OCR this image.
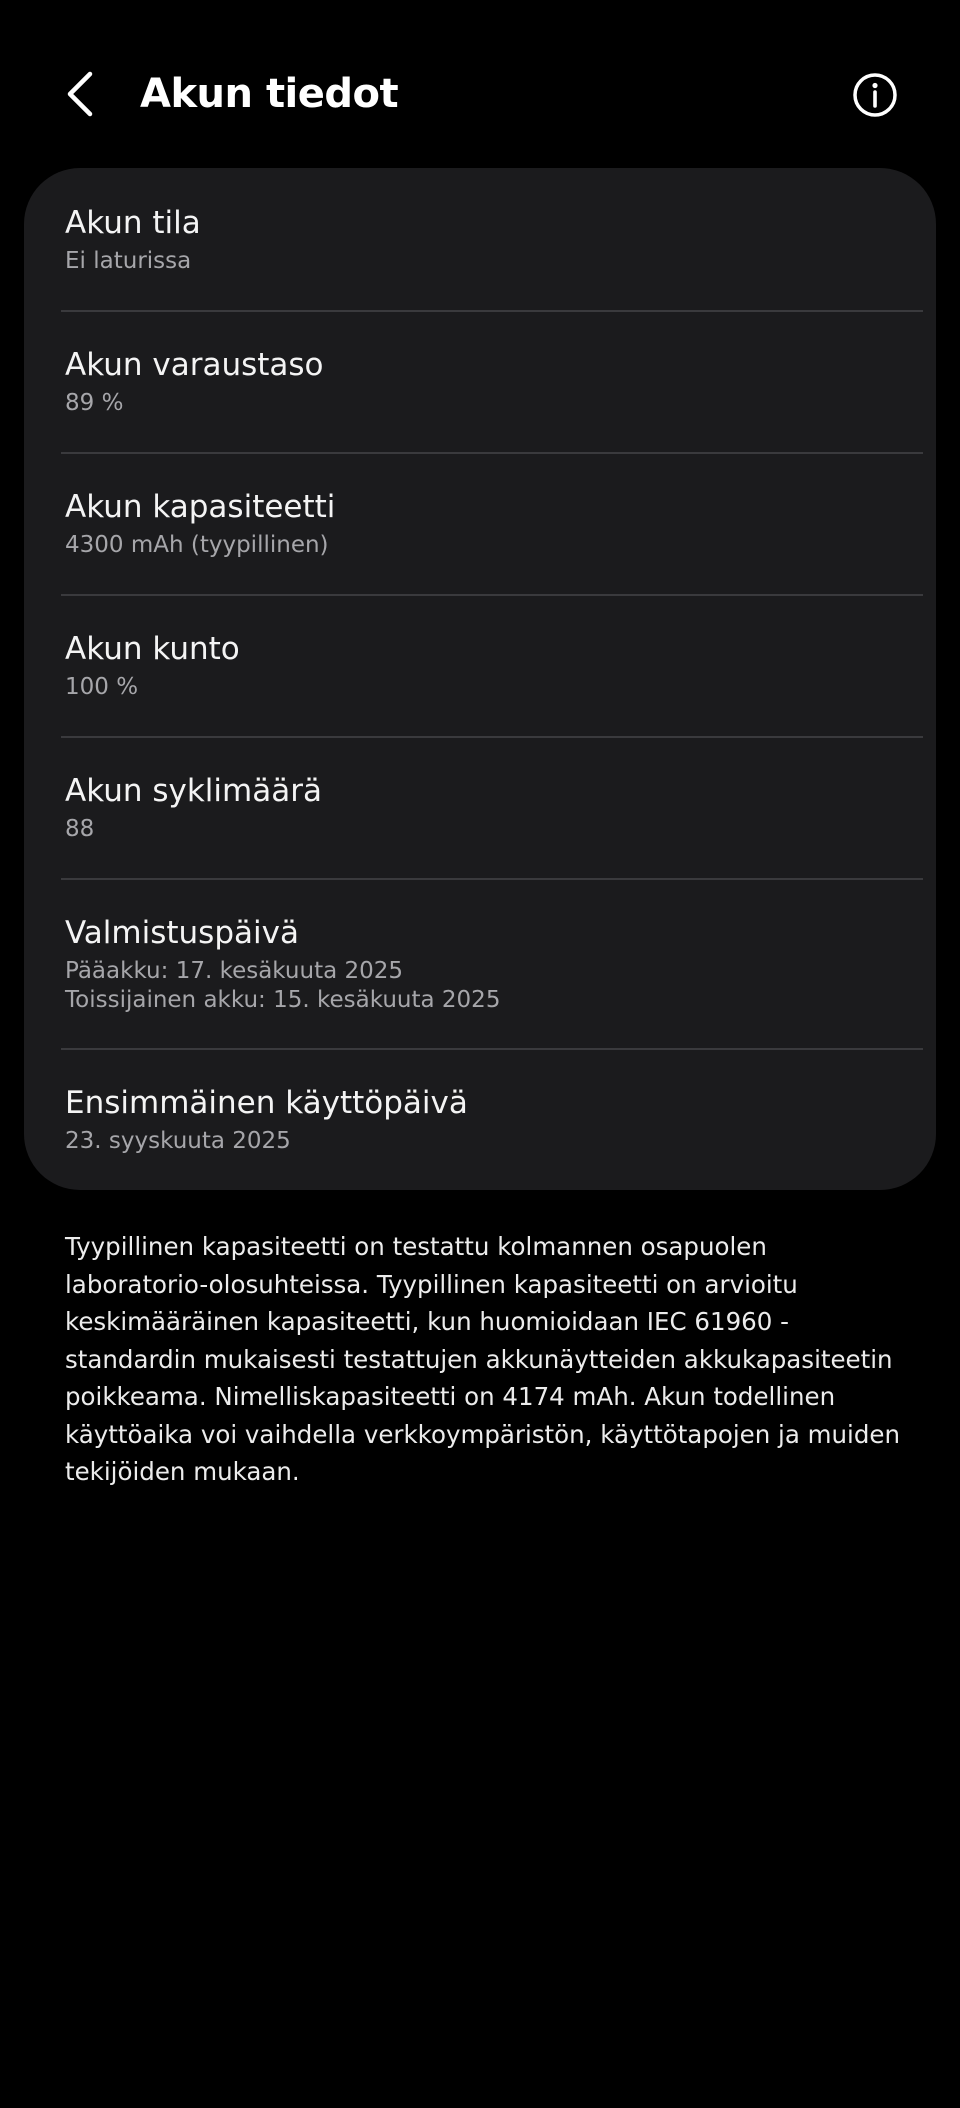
Akun tiedot
Akun tila
Ei laturissa
Akun varaustaso
89 %
Akun kapasiteetti
4300 mAh (tyypillinen)
Akun kunto
100 %
Akun syklimäärä
88
Valmistuspäivä
Pääakku: 17. kesäkuuta 2025
Toissijainen akku: 15. kesäkuuta 2025
Ensimmäinen käyttöpäivä
23. syyskuuta 2025
Tyypillinen kapasiteetti on testattu kolmannen osapuolen laboratorio-olosuhteissa. Tyypillinen kapasiteetti on arvioitu keskimääräinen kapasiteetti, kun huomioidaan IEC 61960 -standardin mukaisesti testattujen akkunäytteiden akkukapasiteetin poikkeama. Nimelliskapasiteetti on 4174 mAh. Akun todellinen käyttöaika voi vaihdella verkkoympäristön, käyttötapojen ja muiden tekijöiden mukaan.
